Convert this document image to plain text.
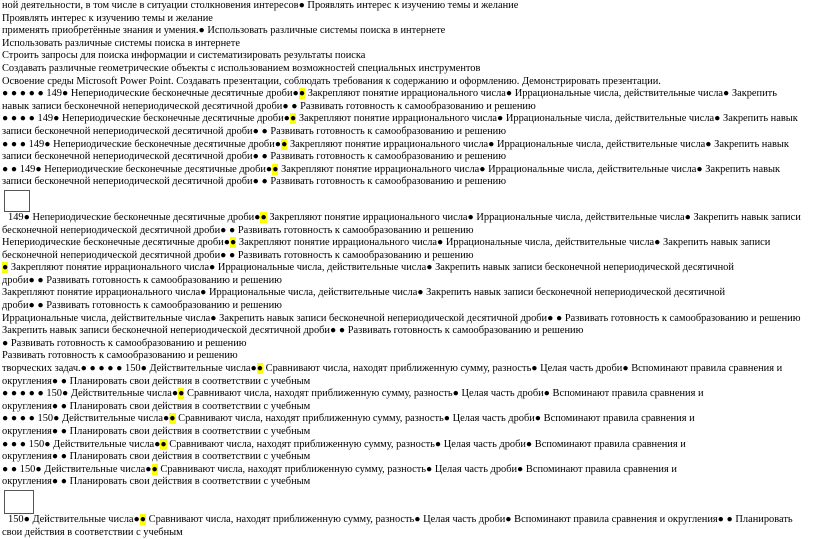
ной деятельности, в том числе в ситуации столкновения интересов● Проявлять интерес к изучению темы и желание
Проявлять интерес к изучению темы и желание
применять приобретённые знания и умения.● Использовать различные системы поиска в интернете
Использовать различные системы поиска в интернете
Строить запросы для поиска информации и систематизировать результаты поиска
Создавать различные геометрические объекты с использованием возможностей специальных инструментов
Освоение среды Microsoft Power Point. Создавать презентации, соблюдать требования к содержанию и оформлению. Демонстрировать презентации.
● ● ● ● ● 149● Непериодические бесконечные десятичные дроби●● Закрепляют понятие иррационального числа● Иррациональные числа, действительные числа● Закрепить
навык записи бесконечной непериодической десятичной дроби● ● Развивать готовность к самообразованию и решению
● ● ● ● 149● Непериодические бесконечные десятичные дроби●● Закрепляют понятие иррационального числа● Иррациональные числа, действительные числа● Закрепить навык
записи бесконечной непериодической десятичной дроби● ● Развивать готовность к самообразованию и решению
● ● ● 149● Непериодические бесконечные десятичные дроби●● Закрепляют понятие иррационального числа● Иррациональные числа, действительные числа● Закрепить навык
записи бесконечной непериодической десятичной дроби● ● Развивать готовность к самообразованию и решению
● ● 149● Непериодические бесконечные десятичные дроби●● Закрепляют понятие иррационального числа● Иррациональные числа, действительные числа● Закрепить навык
записи бесконечной непериодической десятичной дроби● ● Развивать готовность к самообразованию и решению
149● Непериодические бесконечные десятичные дроби●● Закрепляют понятие иррационального числа● Иррациональные числа, действительные числа● Закрепить навык записи
бесконечной непериодической десятичной дроби● ● Развивать готовность к самообразованию и решению
Непериодические бесконечные десятичные дроби●● Закрепляют понятие иррационального числа● Иррациональные числа, действительные числа● Закрепить навык записи
бесконечной непериодической десятичной дроби● ● Развивать готовность к самообразованию и решению
● Закрепляют понятие иррационального числа● Иррациональные числа, действительные числа● Закрепить навык записи бесконечной непериодической десятичной
дроби● ● Развивать готовность к самообразованию и решению
Закрепляют понятие иррационального числа● Иррациональные числа, действительные числа● Закрепить навык записи бесконечной непериодической десятичной
дроби● ● Развивать готовность к самообразованию и решению
Иррациональные числа, действительные числа● Закрепить навык записи бесконечной непериодической десятичной дроби● ● Развивать готовность к самообразованию и решению
Закрепить навык записи бесконечной непериодической десятичной дроби● ● Развивать готовность к самообразованию и решению
● Развивать готовность к самообразованию и решению
Развивать готовность к самообразованию и решению
творческих задач.● ● ● ● ● 150● Действительные числа●● Сравнивают числа, находят приближенную сумму, разность● Целая часть дроби● Вспоминают правила сравнения и
округления● ● Планировать свои действия в соответствии с учебным
● ● ● ● ● 150● Действительные числа●● Сравнивают числа, находят приближенную сумму, разность● Целая часть дроби● Вспоминают правила сравнения и
округления● ● Планировать свои действия в соответствии с учебным
● ● ● ● 150● Действительные числа●● Сравнивают числа, находят приближенную сумму, разность● Целая часть дроби● Вспоминают правила сравнения и
округления● ● Планировать свои действия в соответствии с учебным
● ● ● 150● Действительные числа●● Сравнивают числа, находят приближенную сумму, разность● Целая часть дроби● Вспоминают правила сравнения и
округления● ● Планировать свои действия в соответствии с учебным
● ● 150● Действительные числа●● Сравнивают числа, находят приближенную сумму, разность● Целая часть дроби● Вспоминают правила сравнения и
округления● ● Планировать свои действия в соответствии с учебным
150● Действительные числа●● Сравнивают числа, находят приближенную сумму, разность● Целая часть дроби● Вспоминают правила сравнения и округления● ● Планировать
свои действия в соответствии с учебным
